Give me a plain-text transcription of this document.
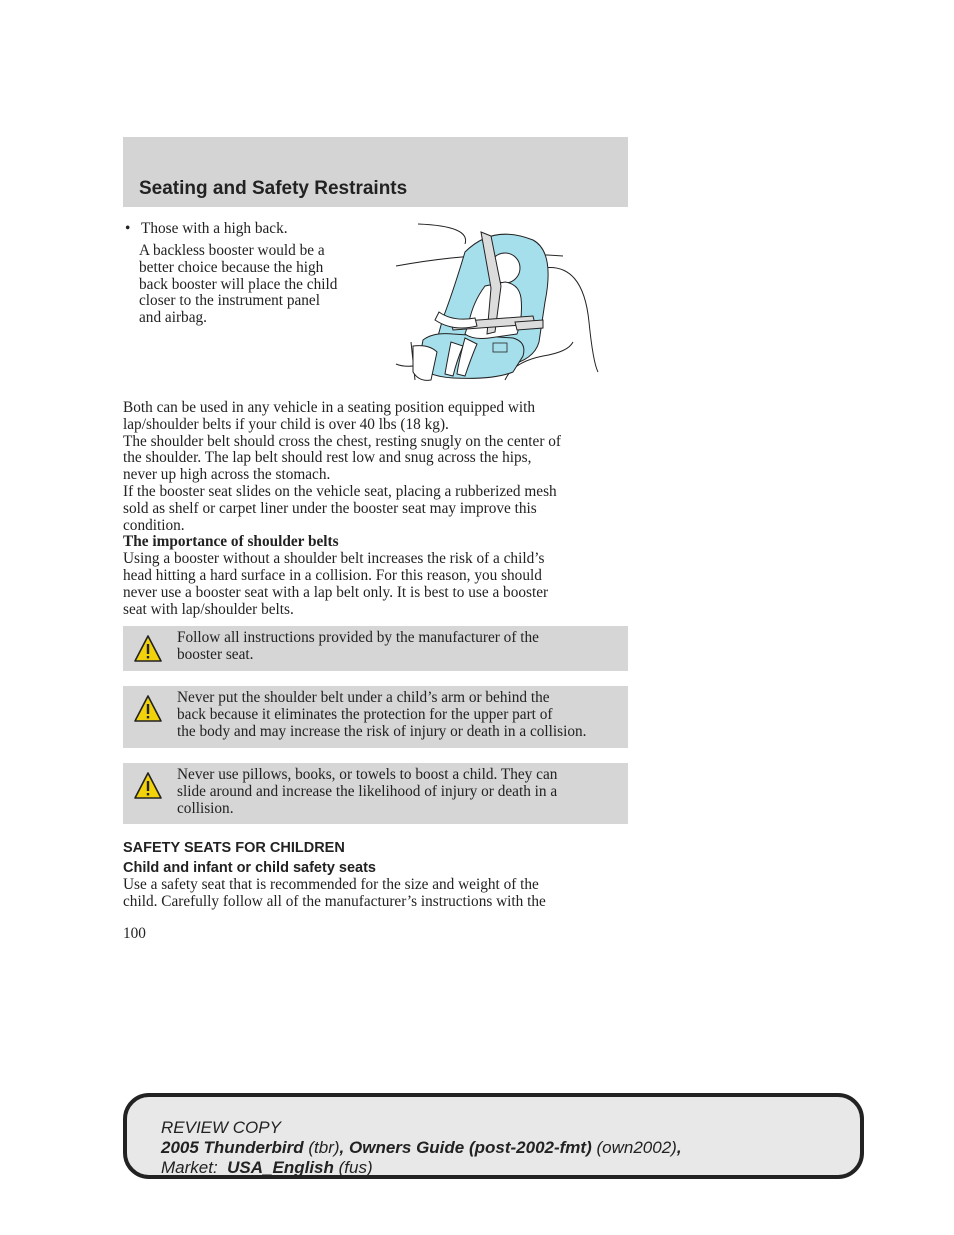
Seating and Safety Restraints
• Those with a high back.
A backless booster would be a
better choice because the high
back booster will place the child
closer to the instrument panel
and airbag.

Both can be used in any vehicle in a seating position equipped with

lap/shoulder belts if your child is over 40 lbs (18 kg).

The shoulder belt should cross the chest, resting snugly on the center of

the shoulder. The lap belt should rest low and snug across the hips,

never up high across the stomach.

If the booster seat slides on the vehicle seat, placing a rubberized mesh

sold as shelf or carpet liner under the booster seat may improve this

condition.

The importance of shoulder belts

Using a booster without a shoulder belt increases the risk of a child’s

head hitting a hard surface in a collision. For this reason, you should

never use a booster seat with a lap belt only. It is best to use a booster

seat with lap/shoulder belts.

Follow all instructions provided by the manufacturer of the

booster seat.

Never put the shoulder belt under a child’s arm or behind the

back because it eliminates the protection for the upper part of

the body and may increase the risk of injury or death in a collision.

Never use pillows, books, or towels to boost a child. They can

slide around and increase the likelihood of injury or death in a

collision.

SAFETY SEATS FOR CHILDREN
Child and infant or child safety seats

Use a safety seat that is recommended for the size and weight of the

child. Carefully follow all of the manufacturer’s instructions with the

100
REVIEW COPY
2005 Thunderbird (tbr), Owners Guide (post-2002-fmt) (own2002),
Market: USA_English (fus)
